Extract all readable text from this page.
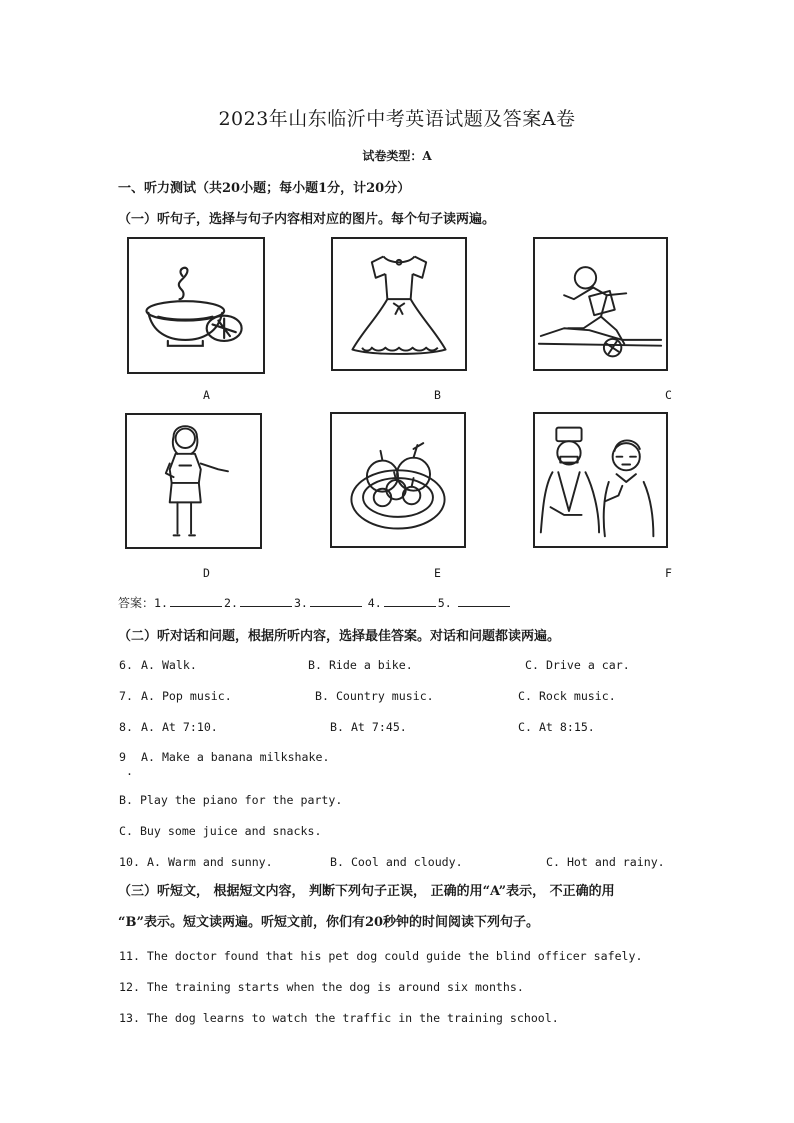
2023年山东临沂中考英语试题及答案A卷
试卷类型：A
一、听力测试（共20小题；每小题1分，计20分）
（一）听句子，选择与句子内容相对应的图片。每个句子读两遍。
A	B	C
D	E	F
答案：1.	2.	3.	4.	5.
（二）听对话和问题，根据所听内容，选择最佳答案。对话和问题都读两遍。
6. A. Walk.	B. Ride a bike.	C. Drive a car.
7. A. Pop music.	B. Country music.	C. Rock music.
8. A. At 7:10.	B. At 7:45.	C. At 8:15.
9 A. Make a banana milkshake.
.
B. Play the piano for the party.
C. Buy some juice and snacks.
10. A. Warm and sunny.	B. Cool and cloudy.	C. Hot and rainy.
（三）听短文， 根据短文内容， 判断下列句子正误， 正确的用“A”表示， 不正确的用
“B”表示。短文读两遍。听短文前，你们有20秒钟的时间阅读下列句子。
11. The doctor found that his pet dog could guide the blind officer safely.
12. The training starts when the dog is around six months.
13. The dog learns to watch the traffic in the training school.
